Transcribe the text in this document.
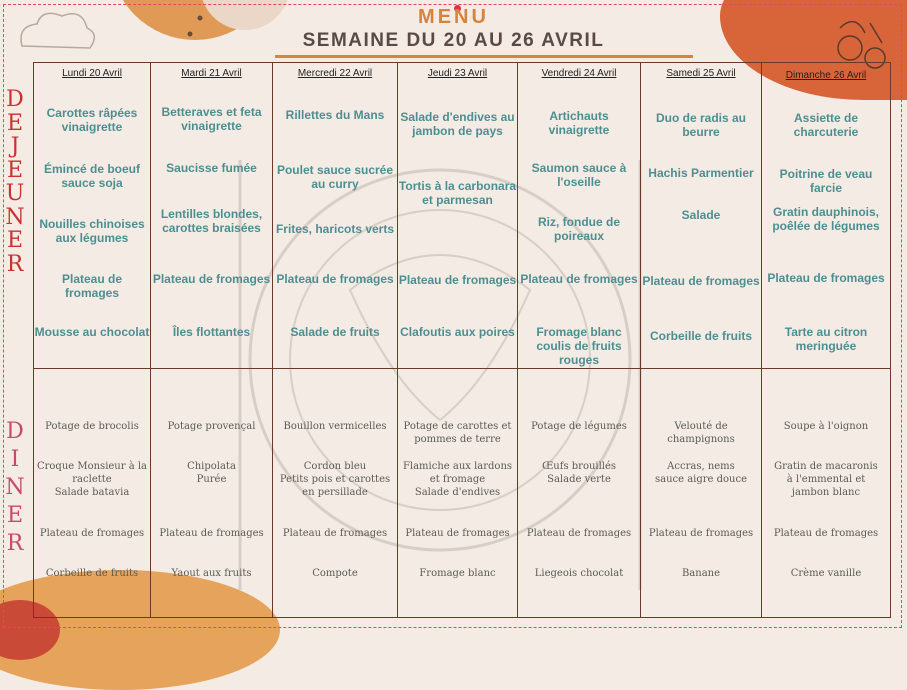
MENU
SEMAINE DU 20 AU 26 AVRIL
DEJEUNER
DINER
Lundi 20 Avril
Carottes râpées vinaigrette
Émincé de boeuf sauce soja
Nouilles chinoises aux légumes
Plateau de fromages
Mousse au chocolat
Mardi 21 Avril
Betteraves et feta vinaigrette
Saucisse fumée
Lentilles blondes, carottes braisées
Plateau de fromages
Îles flottantes
Mercredi 22 Avril
Rillettes du Mans
Poulet sauce sucrée au curry
Frites, haricots verts
Plateau de fromages
Salade de fruits
Jeudi 23 Avril
Salade d'endives au jambon de pays
Tortis à la carbonara et parmesan
Plateau de fromages
Clafoutis aux poires
Vendredi 24 Avril
Artichauts vinaigrette
Saumon sauce à l'oseille
Riz, fondue de poireaux
Plateau de fromages
Fromage blanc coulis de fruits rouges
Samedi 25 Avril
Duo de radis au beurre
Hachis Parmentier
Salade
Plateau de fromages
Corbeille de fruits
Dimanche 26 Avril
Assiette de charcuterie
Poitrine de veau farcie
Gratin dauphinois, poêlée de légumes
Plateau de fromages
Tarte au citron meringuée
Potage de brocolis
Croque Monsieur à la raclette
Salade batavia
Plateau de fromages
Corbeille de fruits
Potage provençal
Chipolata
Purée
Plateau de fromages
Yaout aux fruits
Bouillon vermicelles
Cordon bleu
Petits pois et carottes en persillade
Plateau de fromages
Compote
Potage de carottes et pommes de terre
Flamiche aux lardons et fromage
Salade d'endives
Plateau de fromages
Fromage blanc
Potage de légumes
Œufs brouillés
Salade verte
Plateau de fromages
Liegeois chocolat
Velouté de champignons
Accras, nems
sauce aigre douce
Plateau de fromages
Banane
Soupe à l'oignon
Gratin de macaronis à l'emmental et jambon blanc
Plateau de fromages
Crème vanille
